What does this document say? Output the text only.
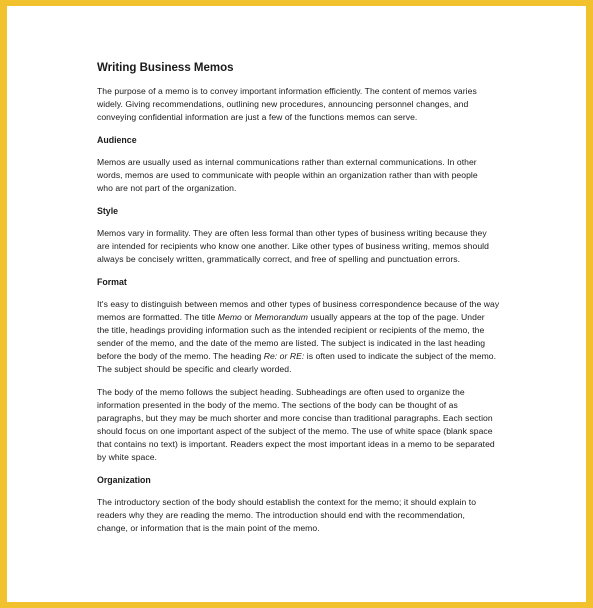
Writing Business Memos
The purpose of a memo is to convey important information efficiently. The content of memos varies
widely. Giving recommendations, outlining new procedures, announcing personnel changes, and
conveying confidential information are just a few of the functions memos can serve.
Audience
Memos are usually used as internal communications rather than external communications. In other
words, memos are used to communicate with people within an organization rather than with people
who are not part of the organization.
Style
Memos vary in formality. They are often less formal than other types of business writing because they
are intended for recipients who know one another. Like other types of business writing, memos should
always be concisely written, grammatically correct, and free of spelling and punctuation errors.
Format
It's easy to distinguish between memos and other types of business correspondence because of the way
memos are formatted. The title Memo or Memorandum usually appears at the top of the page. Under
the title, headings providing information such as the intended recipient or recipients of the memo, the
sender of the memo, and the date of the memo are listed. The subject is indicated in the last heading
before the body of the memo. The heading Re: or RE: is often used to indicate the subject of the memo.
The subject should be specific and clearly worded.
The body of the memo follows the subject heading. Subheadings are often used to organize the
information presented in the body of the memo. The sections of the body can be thought of as
paragraphs, but they may be much shorter and more concise than traditional paragraphs. Each section
should focus on one important aspect of the subject of the memo. The use of white space (blank space
that contains no text) is important. Readers expect the most important ideas in a memo to be separated
by white space.
Organization
The introductory section of the body should establish the context for the memo; it should explain to
readers why they are reading the memo. The introduction should end with the recommendation,
change, or information that is the main point of the memo.
